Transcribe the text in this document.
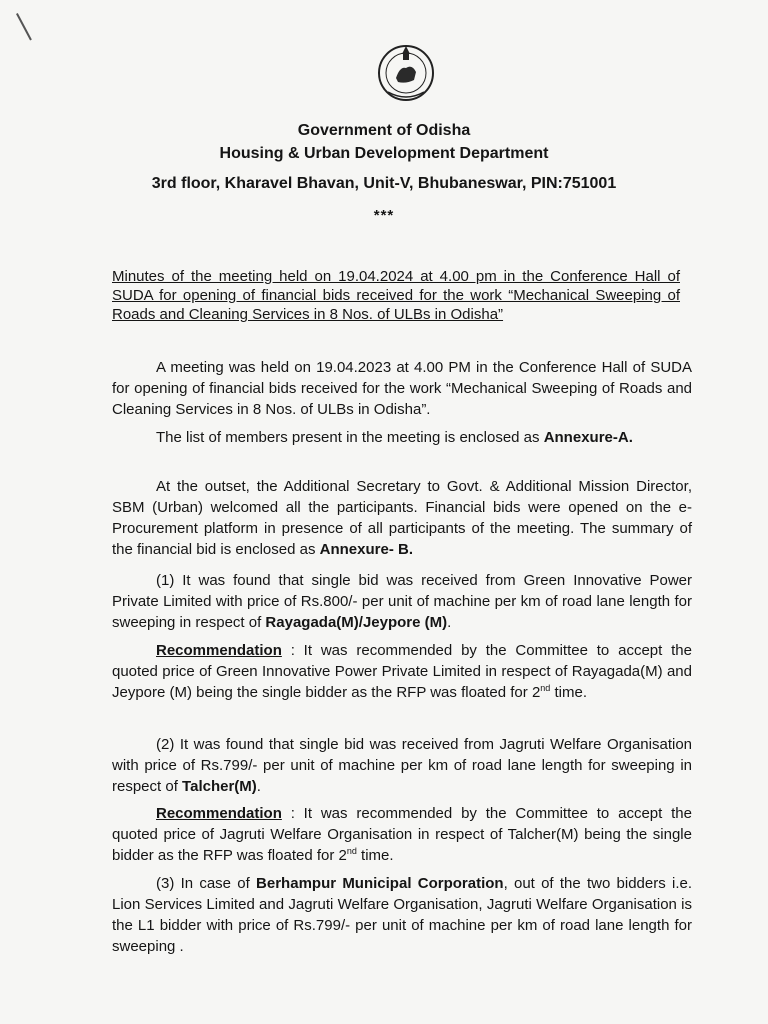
Government of Odisha
Housing & Urban Development Department
3rd floor, Kharavel Bhavan, Unit-V, Bhubaneswar, PIN:751001
***
Minutes of the meeting held on 19.04.2024 at 4.00 pm in the Conference Hall of SUDA for opening of financial bids received for the work “Mechanical Sweeping of Roads and Cleaning Services in 8 Nos. of ULBs in Odisha”
A meeting was held on 19.04.2023 at 4.00 PM in the Conference Hall of SUDA for opening of financial bids received for the work “Mechanical Sweeping of Roads and Cleaning Services in 8 Nos. of ULBs in Odisha”.
The list of members present in the meeting is enclosed as Annexure-A.
At the outset, the Additional Secretary to Govt. & Additional Mission Director, SBM (Urban) welcomed all the participants. Financial bids were opened on the e-Procurement platform in presence of all participants of the meeting. The summary of the financial bid is enclosed as Annexure- B.
(1) It was found that single bid was received from Green Innovative Power Private Limited with price of Rs.800/- per unit of machine per km of road lane length for sweeping in respect of Rayagada(M)/Jeypore (M).
Recommendation : It was recommended by the Committee to accept the quoted price of Green Innovative Power Private Limited in respect of Rayagada(M) and Jeypore (M) being the single bidder as the RFP was floated for 2nd time.
(2) It was found that single bid was received from Jagruti Welfare Organisation with price of Rs.799/- per unit of machine per km of road lane length for sweeping in respect of Talcher(M).
Recommendation : It was recommended by the Committee to accept the quoted price of Jagruti Welfare Organisation in respect of Talcher(M) being the single bidder as the RFP was floated for 2nd time.
(3) In case of Berhampur Municipal Corporation, out of the two bidders i.e. Lion Services Limited and Jagruti Welfare Organisation, Jagruti Welfare Organisation is the L1 bidder with price of Rs.799/- per unit of machine per km of road lane length for sweeping .
